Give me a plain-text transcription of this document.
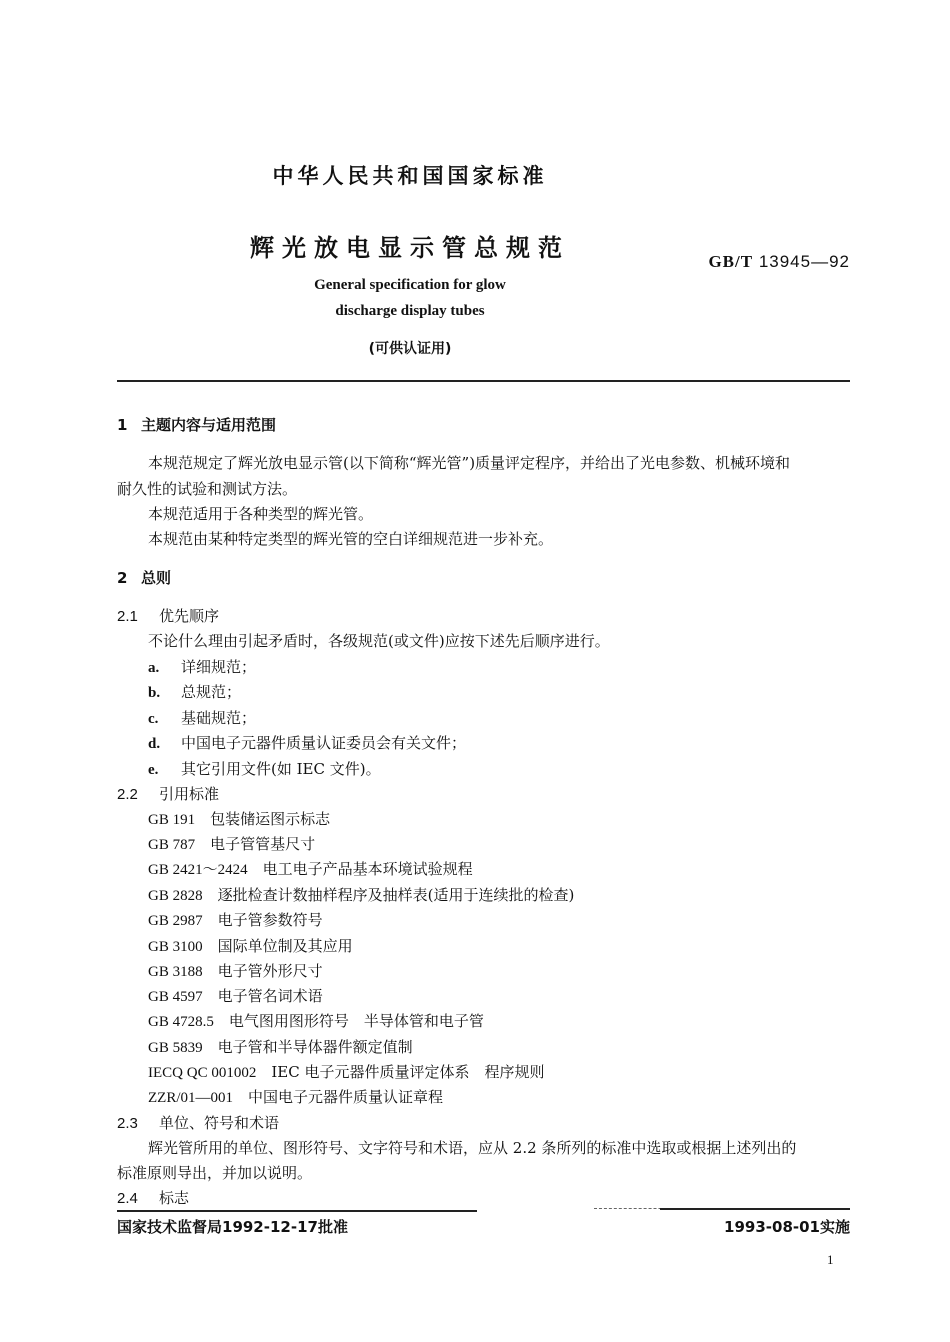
中华人民共和国国家标准
辉光放电显示管总规范	GB/T 13945—92
General specification for glow
discharge display tubes
(可供认证用)
1 主题内容与适用范围
本规范规定了辉光放电显示管(以下简称“辉光管”)质量评定程序，并给出了光电参数、机械环境和
耐久性的试验和测试方法。
本规范适用于各种类型的辉光管。
本规范由某种特定类型的辉光管的空白详细规范进一步补充。
2 总则
2.1 优先顺序
不论什么理由引起矛盾时，各级规范(或文件)应按下述先后顺序进行。
a. 详细规范；
b. 总规范；
c. 基础规范；
d. 中国电子元器件质量认证委员会有关文件；
e. 其它引用文件(如 IEC 文件)。
2.2 引用标准
GB 191　 包装储运图示标志
GB 787　 电子管管基尺寸
GB 2421～2424　 电工电子产品基本环境试验规程
GB 2828　 逐批检查计数抽样程序及抽样表(适用于连续批的检查)
GB 2987　 电子管参数符号
GB 3100　 国际单位制及其应用
GB 3188　 电子管外形尺寸
GB 4597　 电子管名词术语
GB 4728.5　 电气图用图形符号　半导体管和电子管
GB 5839　 电子管和半导体器件额定值制
IECQ QC 001002　 IEC 电子元器件质量评定体系　程序规则
ZZR/01—001　 中国电子元器件质量认证章程
2.3 单位、符号和术语
辉光管所用的单位、图形符号、文字符号和术语，应从 2.2 条所列的标准中选取或根据上述列出的
标准原则导出，并加以说明。
2.4 标志
国家技术监督局1992-12-17批准	1993-08-01实施
1
